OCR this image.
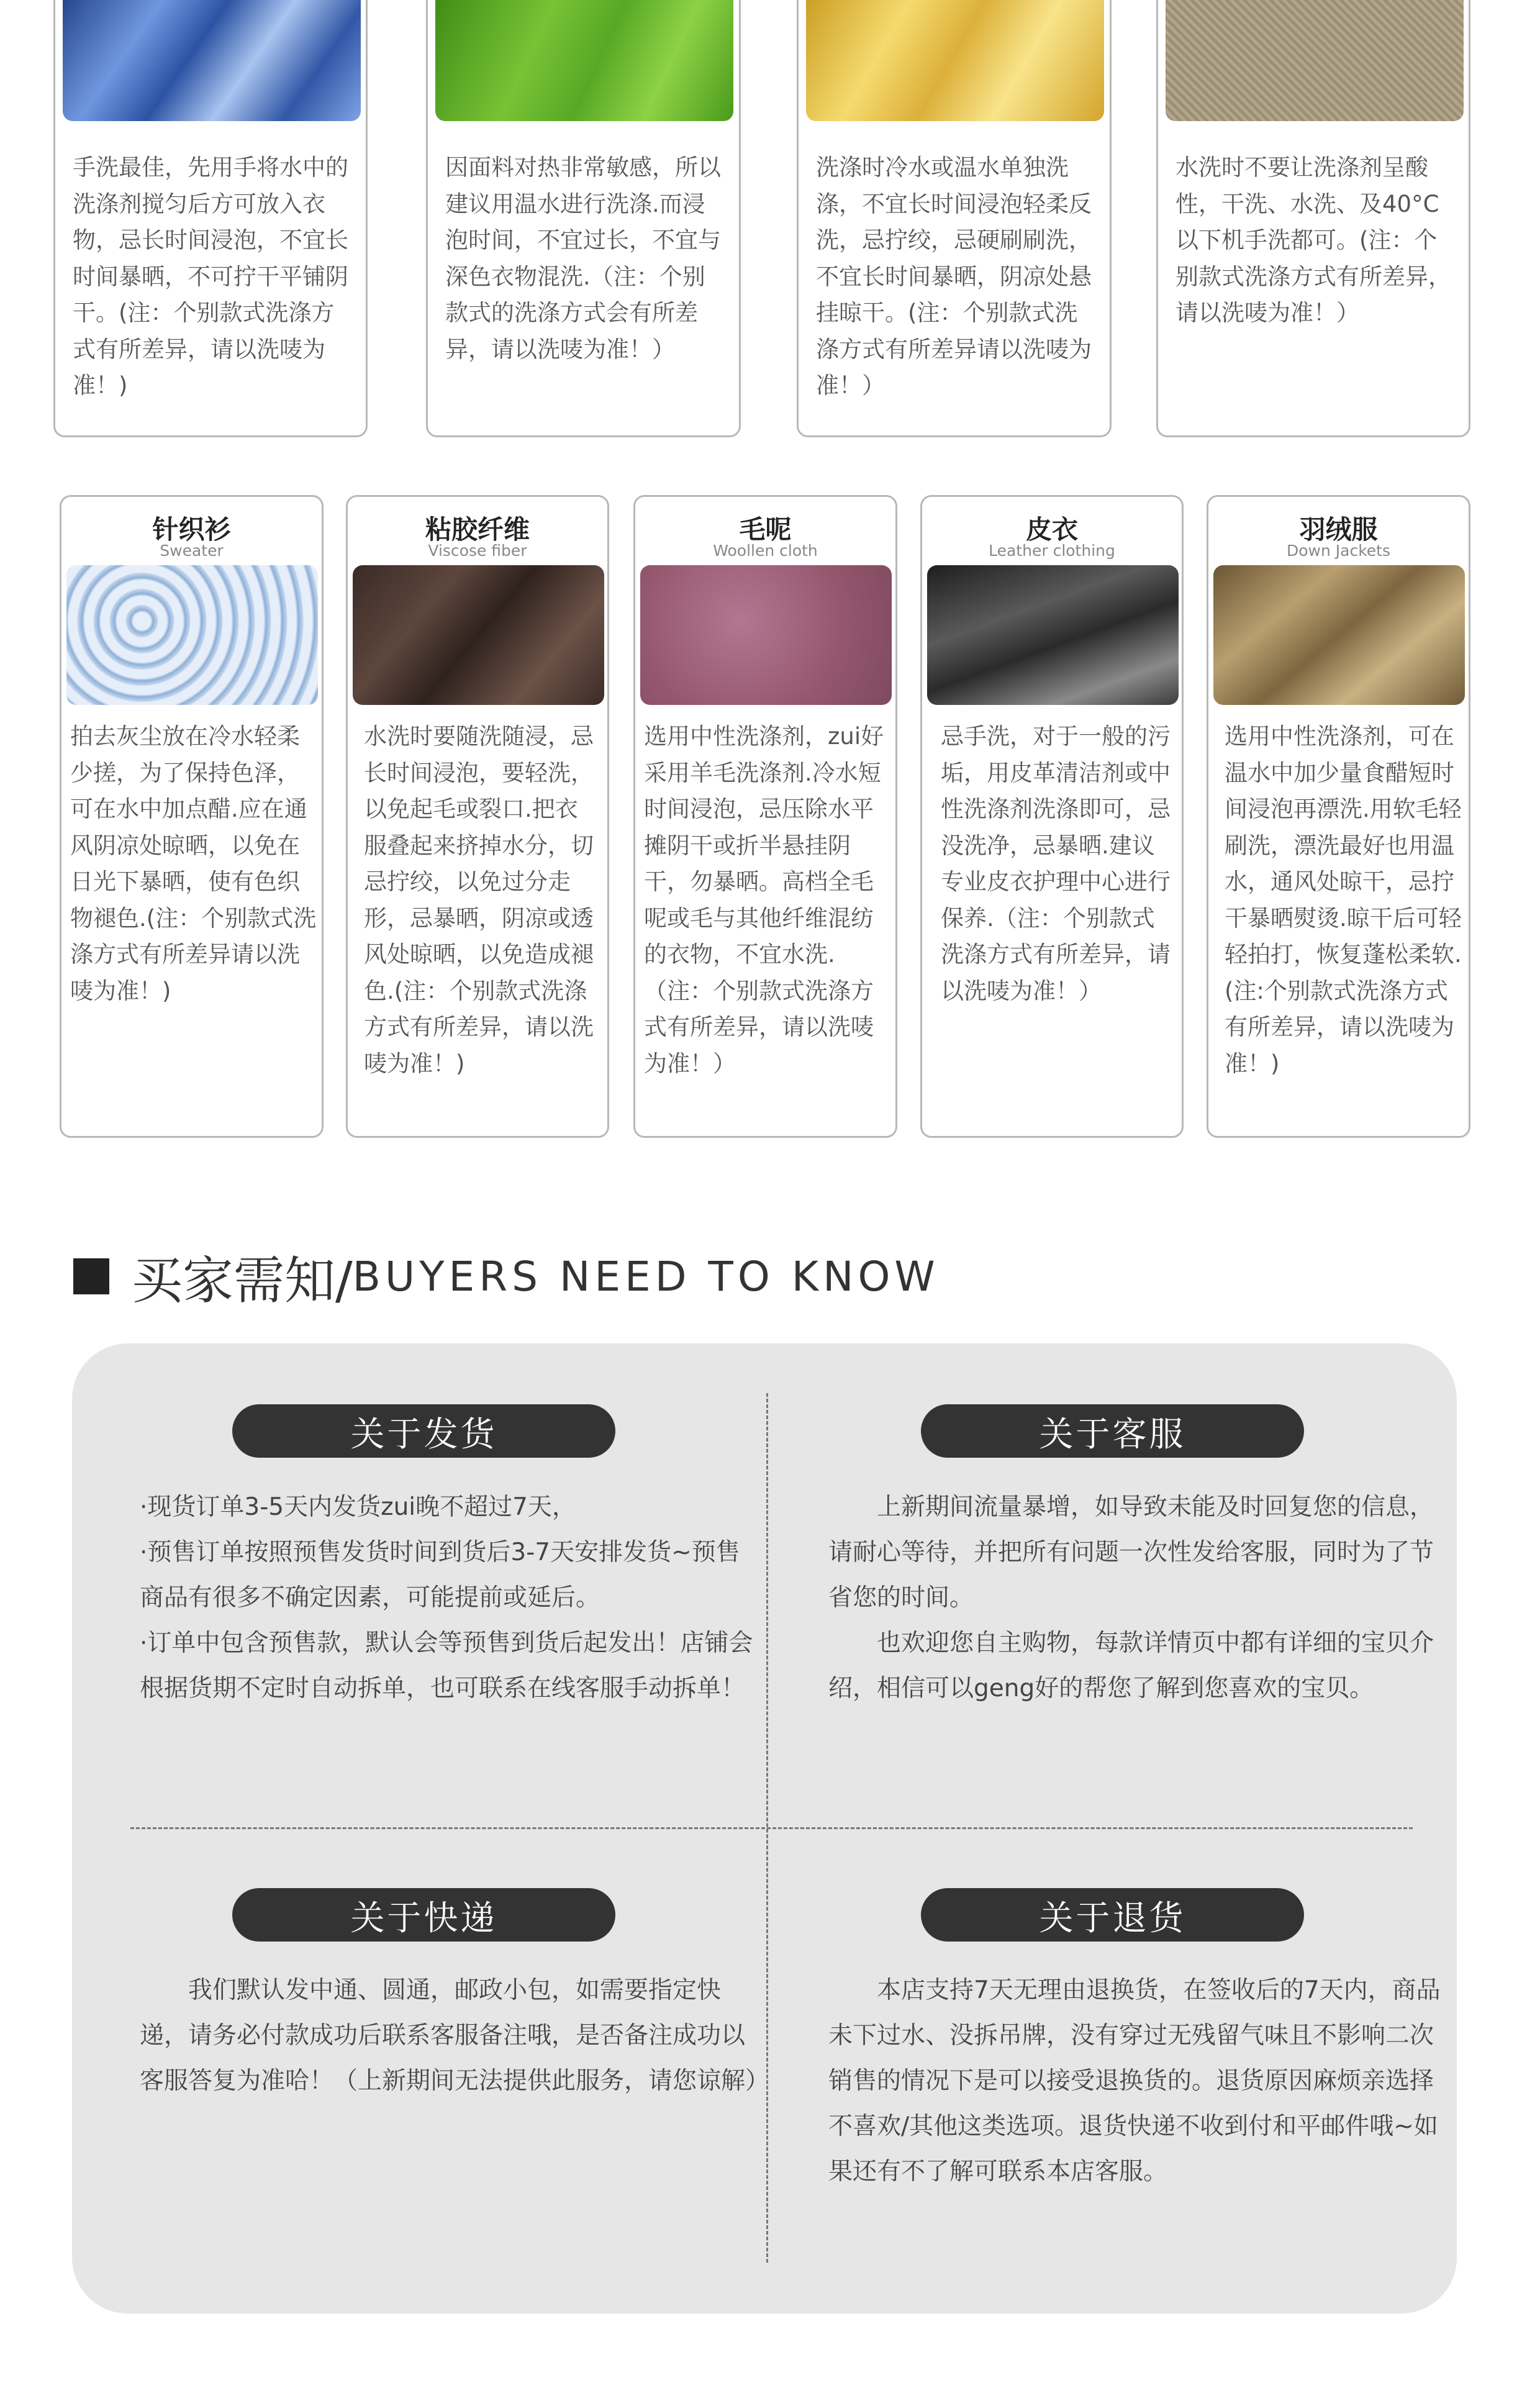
手洗最佳，先用手将水中的洗涤剂搅匀后方可放入衣物，忌长时间浸泡，不宜长时间暴晒，不可拧干平铺阴干。(注：个别款式洗涤方式有所差异，请以洗唛为准！)
因面料对热非常敏感，所以建议用温水进行洗涤.而浸泡时间，不宜过长，不宜与深色衣物混洗.（注：个别款式的洗涤方式会有所差异，请以洗唛为准！）
洗涤时冷水或温水单独洗涤，不宜长时间浸泡轻柔反洗，忌拧绞，忌硬刷刷洗，不宜长时间暴晒，阴凉处悬挂晾干。(注：个别款式洗涤方式有所差异请以洗唛为准！）
水洗时不要让洗涤剂呈酸性，干洗、水洗、及40°C以下机手洗都可。(注：个别款式洗涤方式有所差异，请以洗唛为准！）
针织衫
Sweater
拍去灰尘放在冷水轻柔少搓，为了保持色泽，可在水中加点醋.应在通风阴凉处晾晒，以免在日光下暴晒，使有色织物褪色.(注：个别款式洗涤方式有所差异请以洗唛为准！)
粘胶纤维
Viscose fiber
水洗时要随洗随浸，忌长时间浸泡，要轻洗，以免起毛或裂口.把衣服叠起来挤掉水分，切忌拧绞，以免过分走形，忌暴晒，阴凉或透风处晾晒，以免造成褪色.(注：个别款式洗涤方式有所差异，请以洗唛为准！)
毛呢
Woollen cloth
选用中性洗涤剂，zui好采用羊毛洗涤剂.冷水短时间浸泡，忌压除水平摊阴干或折半悬挂阴干，勿暴晒。高档全毛呢或毛与其他纤维混纺的衣物，不宜水洗.（注：个别款式洗涤方式有所差异，请以洗唛为准！）
皮衣
Leather clothing
忌手洗，对于一般的污垢，用皮革清洁剂或中性洗涤剂洗涤即可，忌没洗净，忌暴晒.建议专业皮衣护理中心进行保养.（注：个别款式洗涤方式有所差异，请以洗唛为准！）
羽绒服
Down Jackets
选用中性洗涤剂，可在温水中加少量食醋短时间浸泡再漂洗.用软毛轻刷洗，漂洗最好也用温水，通风处晾干，忌拧干暴晒熨烫.晾干后可轻轻拍打，恢复蓬松柔软.(注:个别款式洗涤方式有所差异，请以洗唛为准！)
买家需知/ BUYERS NEED TO KNOW
关于发货

·现货订单3-5天内发货zui晚不超过7天，

·预售订单按照预售发货时间到货后3-7天安排发货~预售商品有很多不确定因素，可能提前或延后。

·订单中包含预售款，默认会等预售到货后起发出！店铺会根据货期不定时自动拆单，也可联系在线客服手动拆单！

关于客服

上新期间流量暴增，如导致未能及时回复您的信息，请耐心等待，并把所有问题一次性发给客服，同时为了节省您的时间。

也欢迎您自主购物，每款详情页中都有详细的宝贝介绍，相信可以geng好的帮您了解到您喜欢的宝贝。

关于快递

我们默认发中通、圆通，邮政小包，如需要指定快递，请务必付款成功后联系客服备注哦，是否备注成功以客服答复为准哈！（上新期间无法提供此服务，请您谅解）

关于退货

本店支持7天无理由退换货，在签收后的7天内，商品未下过水、没拆吊牌，没有穿过无残留气味且不影响二次销售的情况下是可以接受退换货的。退货原因麻烦亲选择不喜欢/其他这类选项。退货快递不收到付和平邮件哦~如果还有不了解可联系本店客服。
